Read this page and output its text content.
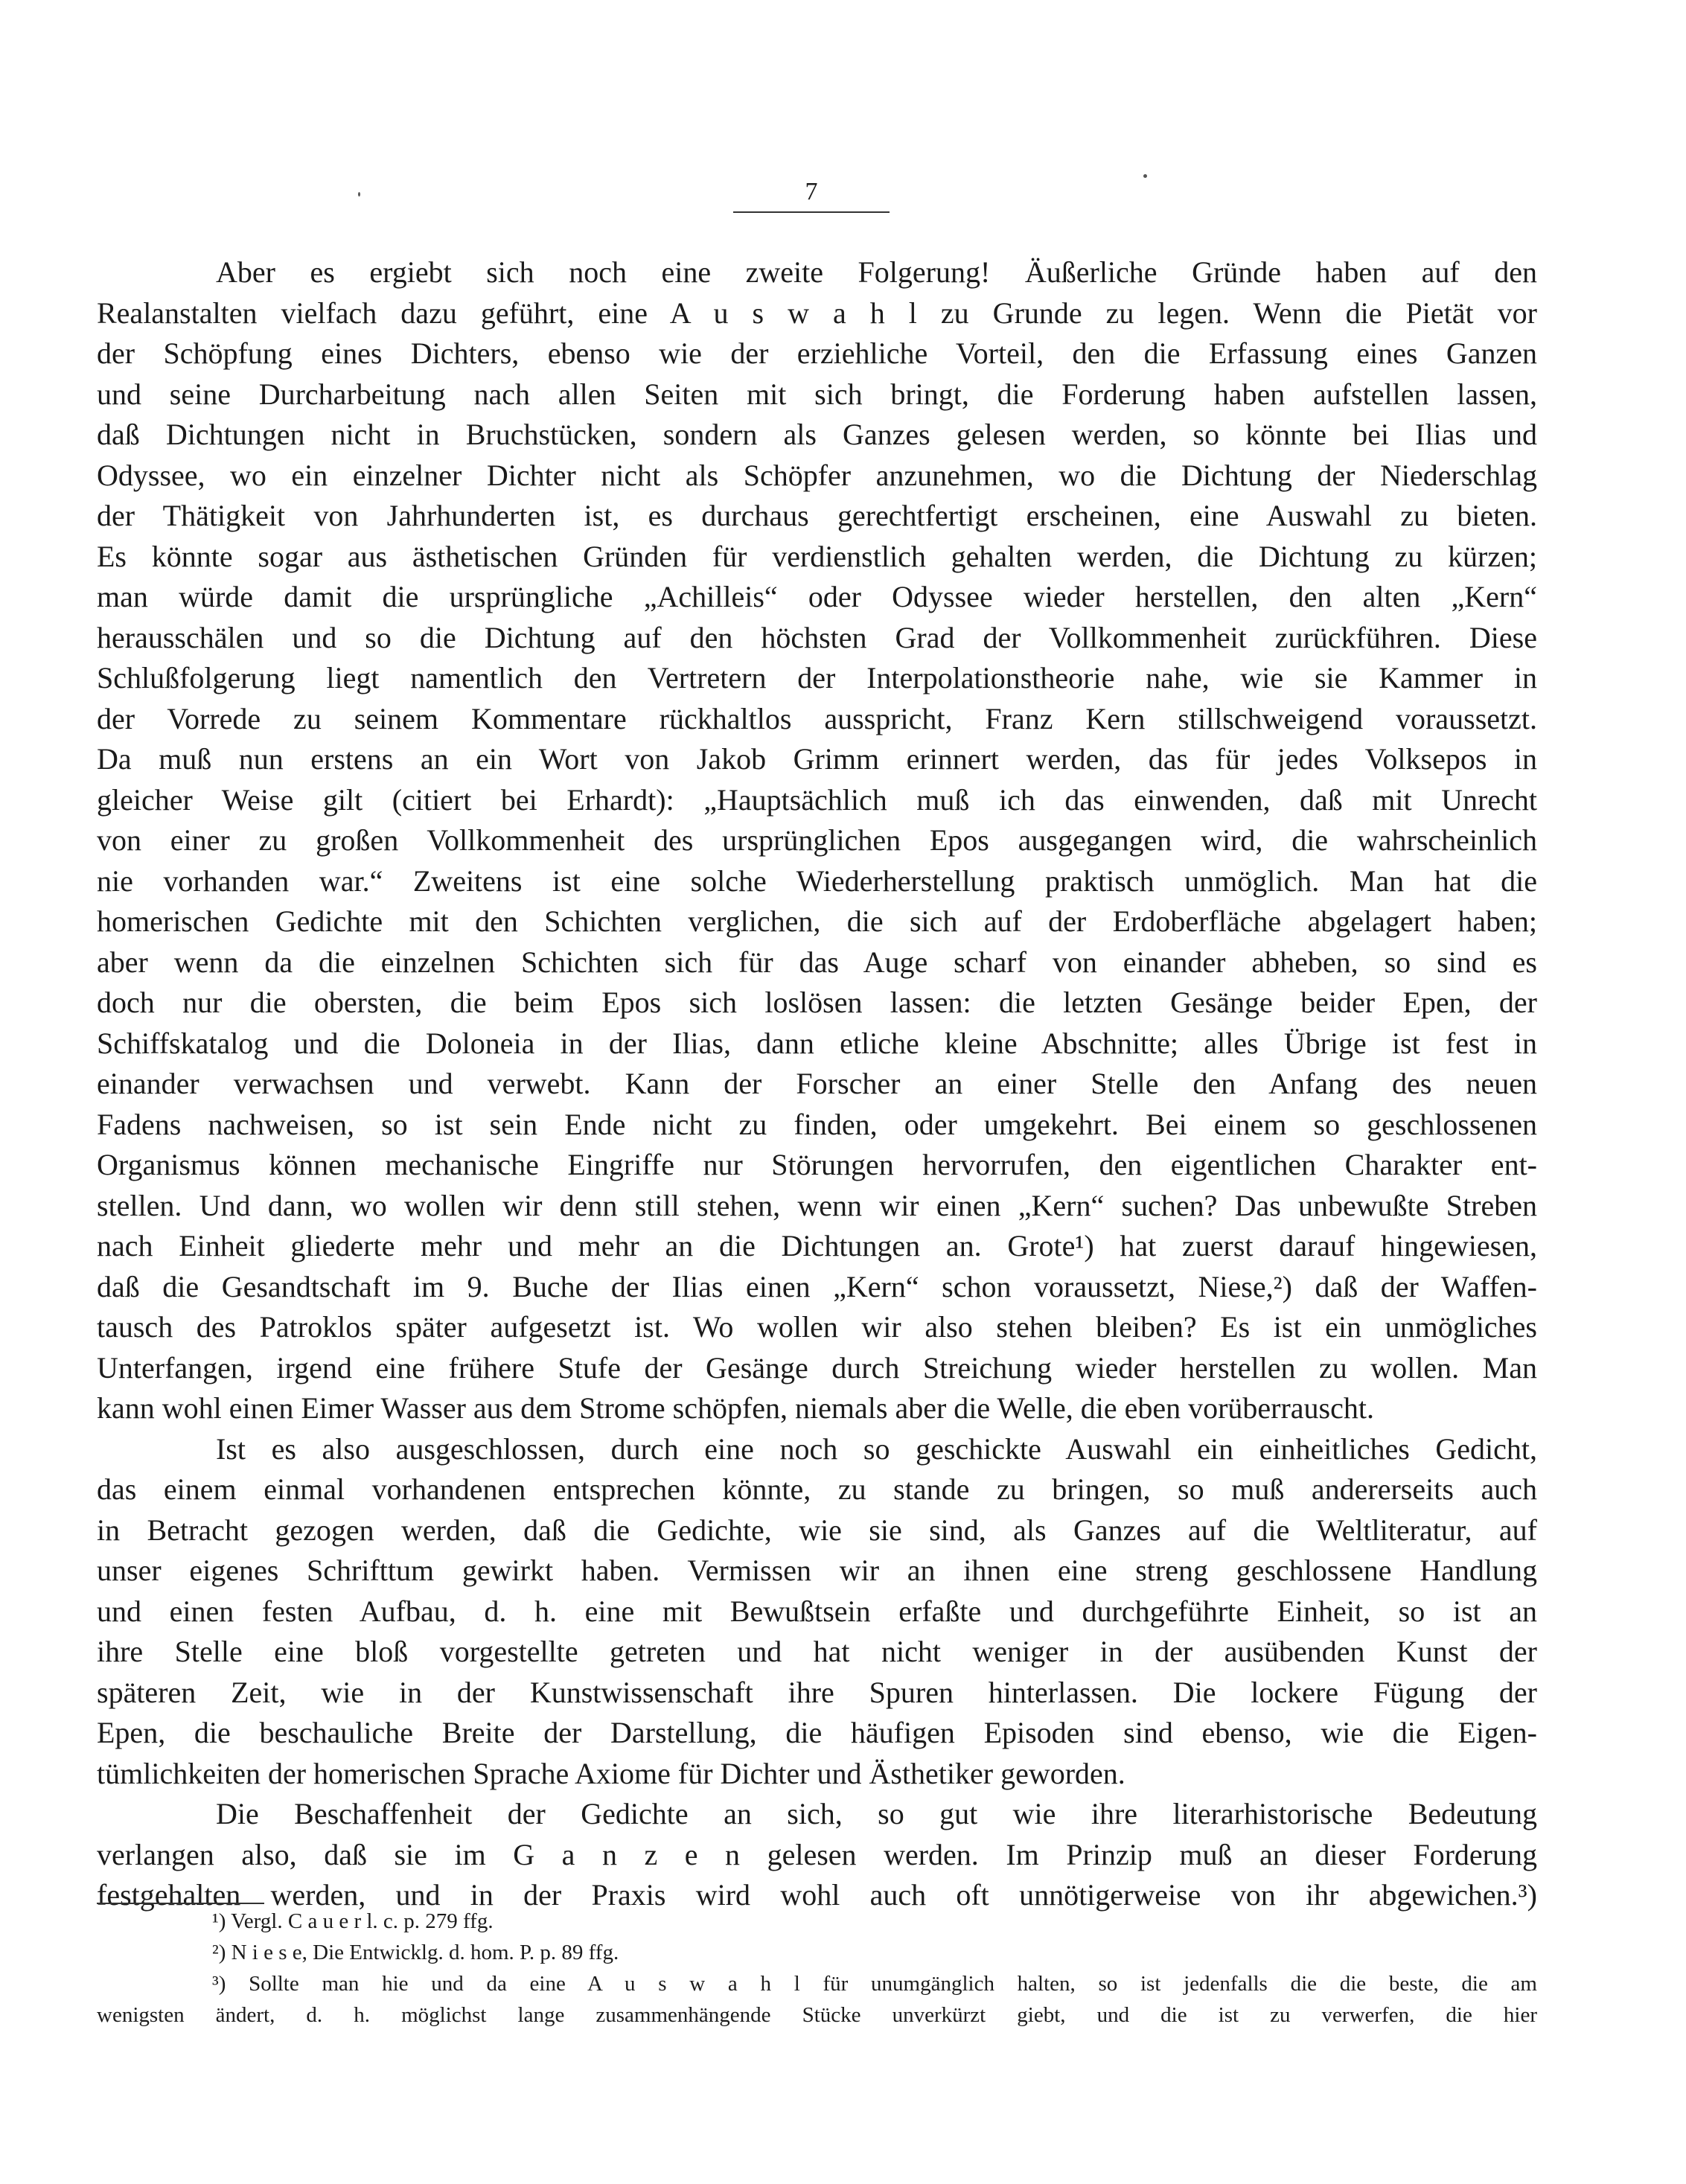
7
Aber es ergiebt sich noch eine zweite Folgerung! Äußerliche Gründe haben auf den
Realanstalten vielfach dazu geführt, eine A u s w a h l zu Grunde zu legen. Wenn die Pietät vor
der Schöpfung eines Dichters, ebenso wie der erziehliche Vorteil, den die Erfassung eines Ganzen
und seine Durcharbeitung nach allen Seiten mit sich bringt, die Forderung haben aufstellen lassen,
daß Dichtungen nicht in Bruchstücken, sondern als Ganzes gelesen werden, so könnte bei Ilias und
Odyssee, wo ein einzelner Dichter nicht als Schöpfer anzunehmen, wo die Dichtung der Niederschlag
der Thätigkeit von Jahrhunderten ist, es durchaus gerechtfertigt erscheinen, eine Auswahl zu bieten.
Es könnte sogar aus ästhetischen Gründen für verdienstlich gehalten werden, die Dichtung zu kürzen;
man würde damit die ursprüngliche „Achilleis“ oder Odyssee wieder herstellen, den alten „Kern“
herausschälen und so die Dichtung auf den höchsten Grad der Vollkommenheit zurückführen. Diese
Schlußfolgerung liegt namentlich den Vertretern der Interpolationstheorie nahe, wie sie Kammer in
der Vorrede zu seinem Kommentare rückhaltlos ausspricht, Franz Kern stillschweigend voraussetzt.
Da muß nun erstens an ein Wort von Jakob Grimm erinnert werden, das für jedes Volksepos in
gleicher Weise gilt (citiert bei Erhardt): „Hauptsächlich muß ich das einwenden, daß mit Unrecht
von einer zu großen Vollkommenheit des ursprünglichen Epos ausgegangen wird, die wahrscheinlich
nie vorhanden war.“ Zweitens ist eine solche Wiederherstellung praktisch unmöglich. Man hat die
homerischen Gedichte mit den Schichten verglichen, die sich auf der Erdoberfläche abgelagert haben;
aber wenn da die einzelnen Schichten sich für das Auge scharf von einander abheben, so sind es
doch nur die obersten, die beim Epos sich loslösen lassen: die letzten Gesänge beider Epen, der
Schiffskatalog und die Doloneia in der Ilias, dann etliche kleine Abschnitte; alles Übrige ist fest in
einander verwachsen und verwebt. Kann der Forscher an einer Stelle den Anfang des neuen
Fadens nachweisen, so ist sein Ende nicht zu finden, oder umgekehrt. Bei einem so geschlossenen
Organismus können mechanische Eingriffe nur Störungen hervorrufen, den eigentlichen Charakter ent-
stellen. Und dann, wo wollen wir denn still stehen, wenn wir einen „Kern“ suchen? Das unbewußte Streben
nach Einheit gliederte mehr und mehr an die Dichtungen an. Grote¹) hat zuerst darauf hingewiesen,
daß die Gesandtschaft im 9. Buche der Ilias einen „Kern“ schon voraussetzt, Niese,²) daß der Waffen-
tausch des Patroklos später aufgesetzt ist. Wo wollen wir also stehen bleiben? Es ist ein unmögliches
Unterfangen, irgend eine frühere Stufe der Gesänge durch Streichung wieder herstellen zu wollen. Man
kann wohl einen Eimer Wasser aus dem Strome schöpfen, niemals aber die Welle, die eben vorüberrauscht.
Ist es also ausgeschlossen, durch eine noch so geschickte Auswahl ein einheitliches Gedicht,
das einem einmal vorhandenen entsprechen könnte, zu stande zu bringen, so muß andererseits auch
in Betracht gezogen werden, daß die Gedichte, wie sie sind, als Ganzes auf die Weltliteratur, auf
unser eigenes Schrifttum gewirkt haben. Vermissen wir an ihnen eine streng geschlossene Handlung
und einen festen Aufbau, d. h. eine mit Bewußtsein erfaßte und durchgeführte Einheit, so ist an
ihre Stelle eine bloß vorgestellte getreten und hat nicht weniger in der ausübenden Kunst der
späteren Zeit, wie in der Kunstwissenschaft ihre Spuren hinterlassen. Die lockere Fügung der
Epen, die beschauliche Breite der Darstellung, die häufigen Episoden sind ebenso, wie die Eigen-
tümlichkeiten der homerischen Sprache Axiome für Dichter und Ästhetiker geworden.
Die Beschaffenheit der Gedichte an sich, so gut wie ihre literarhistorische Bedeutung
verlangen also, daß sie im G a n z e n gelesen werden. Im Prinzip muß an dieser Forderung
festgehalten werden, und in der Praxis wird wohl auch oft unnötigerweise von ihr abgewichen.³)
¹) Vergl. C a u e r l. c. p. 279 ffg.
²) N i e s e, Die Entwicklg. d. hom. P. p. 89 ffg.
³) Sollte man hie und da eine A u s w a h l für unumgänglich halten, so ist jedenfalls die die beste, die am
wenigsten ändert, d. h. möglichst lange zusammenhängende Stücke unverkürzt giebt, und die ist zu verwerfen, die hier
